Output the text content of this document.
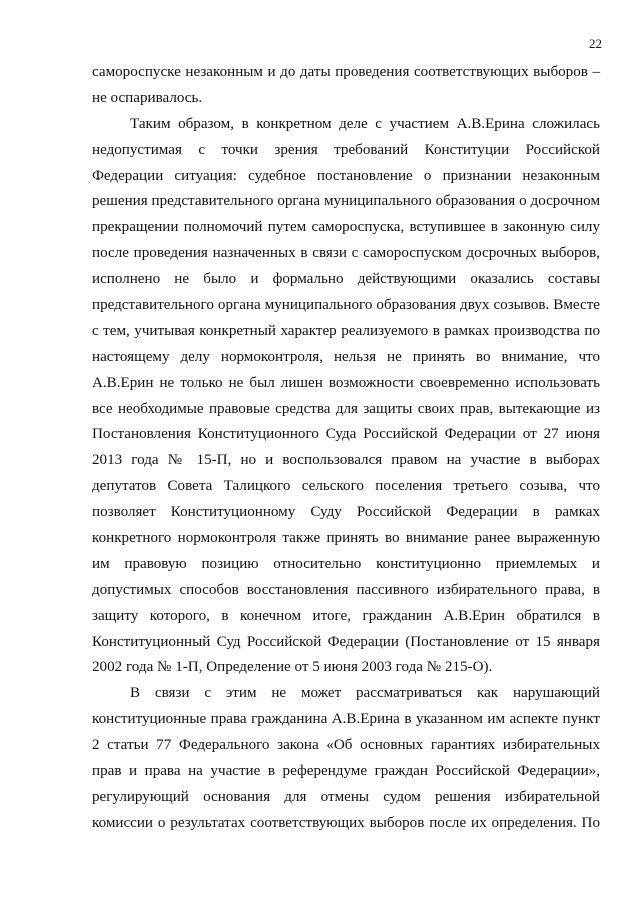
22
самороспуске незаконным и до даты проведения соответствующих выборов –
не оспаривалось.
Таким образом, в конкретном деле с участием А.В.Ерина сложилась
недопустимая с точки зрения требований Конституции Российской
Федерации ситуация: судебное постановление о признании незаконным
решения представительного органа муниципального образования о досрочном
прекращении полномочий путем самороспуска, вступившее в законную силу
после проведения назначенных в связи с самороспуском досрочных выборов,
исполнено не было и формально действующими оказались составы
представительного органа муниципального образования двух созывов. Вместе
с тем, учитывая конкретный характер реализуемого в рамках производства по
настоящему делу нормоконтроля, нельзя не принять во внимание, что
А.В.Ерин не только не был лишен возможности своевременно использовать
все необходимые правовые средства для защиты своих прав, вытекающие из
Постановления Конституционного Суда Российской Федерации от 27 июня
2013 года № 15-П, но и воспользовался правом на участие в выборах
депутатов Совета Талицкого сельского поселения третьего созыва, что
позволяет Конституционному Суду Российской Федерации в рамках
конкретного нормоконтроля также принять во внимание ранее выраженную
им правовую позицию относительно конституционно приемлемых и
допустимых способов восстановления пассивного избирательного права, в
защиту которого, в конечном итоге, гражданин А.В.Ерин обратился в
Конституционный Суд Российской Федерации (Постановление от 15 января
2002 года № 1-П, Определение от 5 июня 2003 года № 215-О).
В связи с этим не может рассматриваться как нарушающий
конституционные права гражданина А.В.Ерина в указанном им аспекте пункт
2 статьи 77 Федерального закона «Об основных гарантиях избирательных
прав и права на участие в референдуме граждан Российской Федерации»,
регулирующий основания для отмены судом решения избирательной
комиссии о результатах соответствующих выборов после их определения. По
